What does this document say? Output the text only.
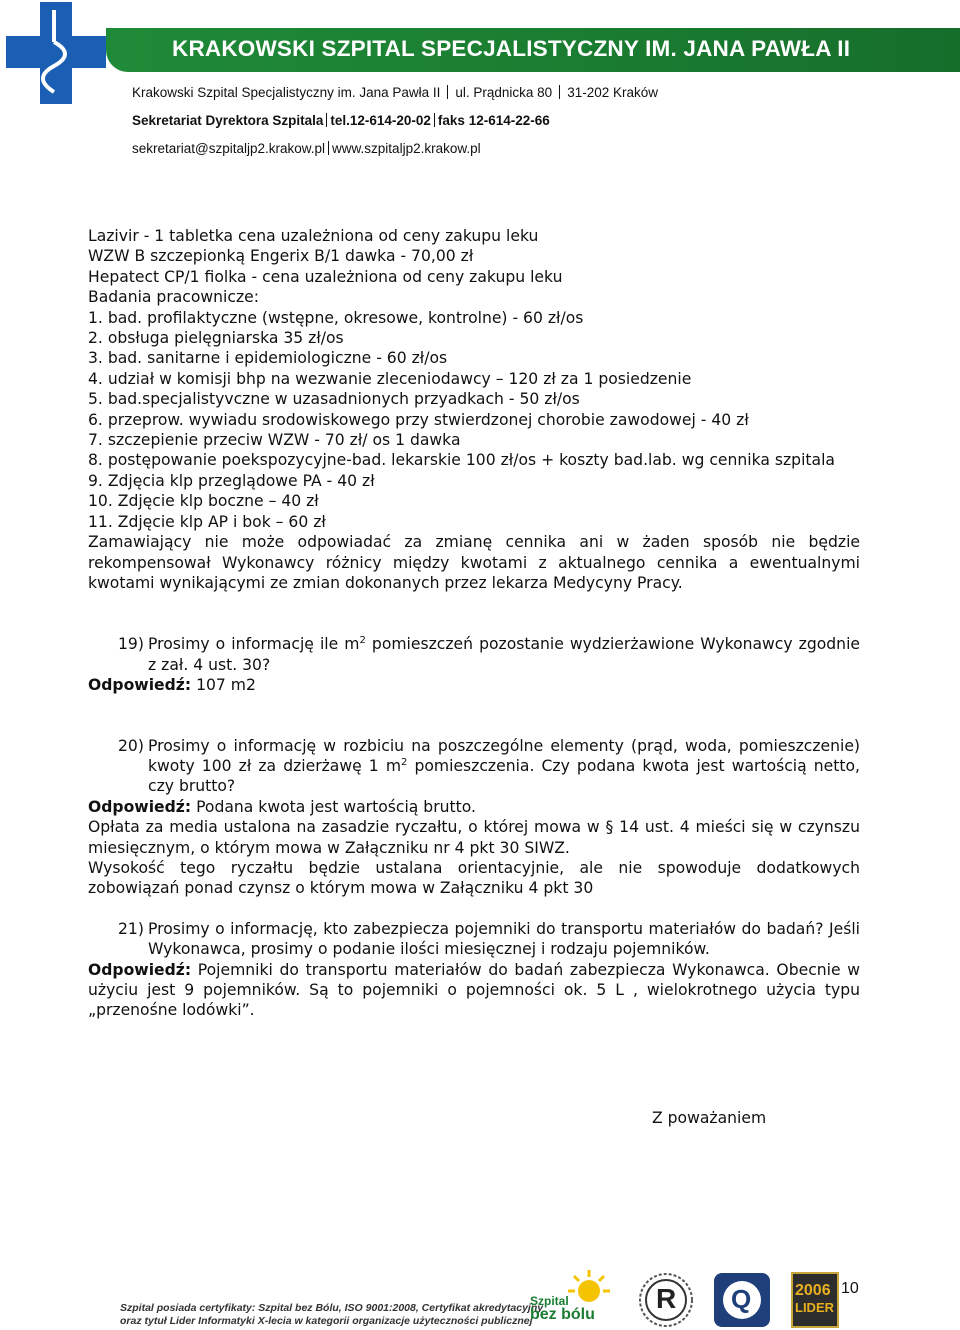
KRAKOWSKI SZPITAL SPECJALISTYCZNY IM. JANA PAWŁA II
Krakowski Szpital Specjalistyczny im. Jana Pawła II ul. Prądnicka 80 31-202 Kraków
Sekretariat Dyrektora Szpitala tel.12-614-20-02 faks 12-614-22-66
sekretariat@szpitaljp2.krakow.pl www.szpitaljp2.krakow.pl

Lazivir - 1 tabletka cena uzależniona od ceny zakupu leku

WZW B szczepionką Engerix B/1 dawka - 70,00 zł

Hepatect CP/1 fiolka - cena uzależniona od ceny zakupu leku

Badania pracownicze:

1. bad. profilaktyczne (wstępne, okresowe, kontrolne) - 60 zł/os

2. obsługa pielęgniarska 35 zł/os

3. bad. sanitarne i epidemiologiczne - 60 zł/os

4. udział w komisji bhp na wezwanie zleceniodawcy – 120 zł za 1 posiedzenie

5. bad.specjalistyvczne w uzasadnionych przyadkach - 50 zł/os

6. przeprow. wywiadu srodowiskowego przy stwierdzonej chorobie zawodowej - 40 zł

7. szczepienie przeciw WZW - 70 zł/ os 1 dawka

8. postępowanie poekspozycyjne-bad. lekarskie 100 zł/os + koszty bad.lab. wg cennika szpitala

9. Zdjęcia klp przeglądowe PA - 40 zł

10. Zdjęcie klp boczne – 40 zł

11. Zdjęcie klp AP i bok – 60 zł

Zamawiający nie może odpowiadać za zmianę cennika ani w żaden sposób nie będzie rekompensował Wykonawcy różnicy między kwotami z aktualnego cennika a ewentualnymi kwotami wynikającymi ze zmian dokonanych przez lekarza Medycyny Pracy.

19) Prosimy o informację ile $m^2$ pomieszczeń pozostanie wydzierżawione Wykonawcy zgodnie z zał. 4 ust. 30?

Odpowiedź: 107 m2

20) Prosimy o informację w rozbiciu na poszczególne elementy (prąd, woda, pomieszczenie) kwoty 100 zł za dzierżawę 1 $m^2$ pomieszczenia. Czy podana kwota jest wartością netto, czy brutto?

Odpowiedź: Podana kwota jest wartością brutto.

Opłata za media ustalona na zasadzie ryczałtu, o której mowa w § 14 ust. 4 mieści się w czynszu miesięcznym, o którym mowa w Załączniku nr 4 pkt 30 SIWZ.

Wysokość tego ryczałtu będzie ustalana orientacyjnie, ale nie spowoduje dodatkowych zobowiązań ponad czynsz o którym mowa w Załączniku 4 pkt 30

21) Prosimy o informację, kto zabezpiecza pojemniki do transportu materiałów do badań? Jeśli Wykonawca, prosimy o podanie ilości miesięcznej i rodzaju pojemników.

Odpowiedź: Pojemniki do transportu materiałów do badań zabezpiecza Wykonawca. Obecnie w użyciu jest 9 pojemników. Są to pojemniki o pojemności ok. 5 L , wielokrotnego użycia typu „przenośne lodówki”.

Z poważaniem
Szpital posiada certyfikaty: Szpital bez Bólu, ISO 9001:2008, Certyfikat akredytacyjny
oraz tytuł Lider Informatyki X-lecia w kategorii organizacje użyteczności publicznej
Szpital
bez bólu
R Q	2006
LIDER
10
